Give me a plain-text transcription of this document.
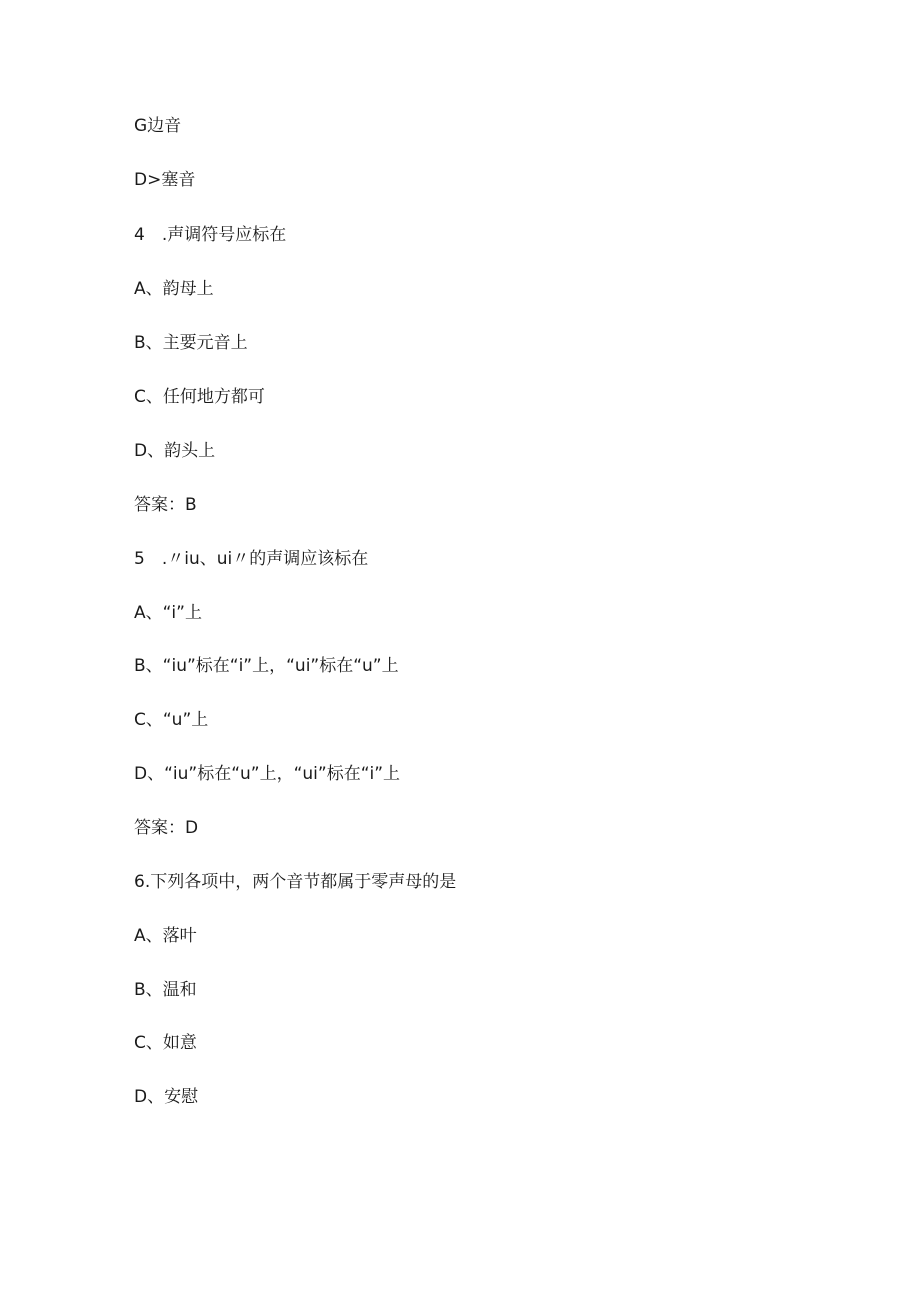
G边音
D>塞音
4　.声调符号应标在
A、韵母上
B、主要元音上
C、任何地方都可
D、韵头上
答案：B
5　.〃iu、ui〃的声调应该标在
A、“i”上
B、“iu”标在“i”上，“ui”标在“u”上
C、“u”上
D、“iu”标在“u”上，“ui”标在“i”上
答案：D
6.下列各项中，两个音节都属于零声母的是
A、落叶
B、温和
C、如意
D、安慰
